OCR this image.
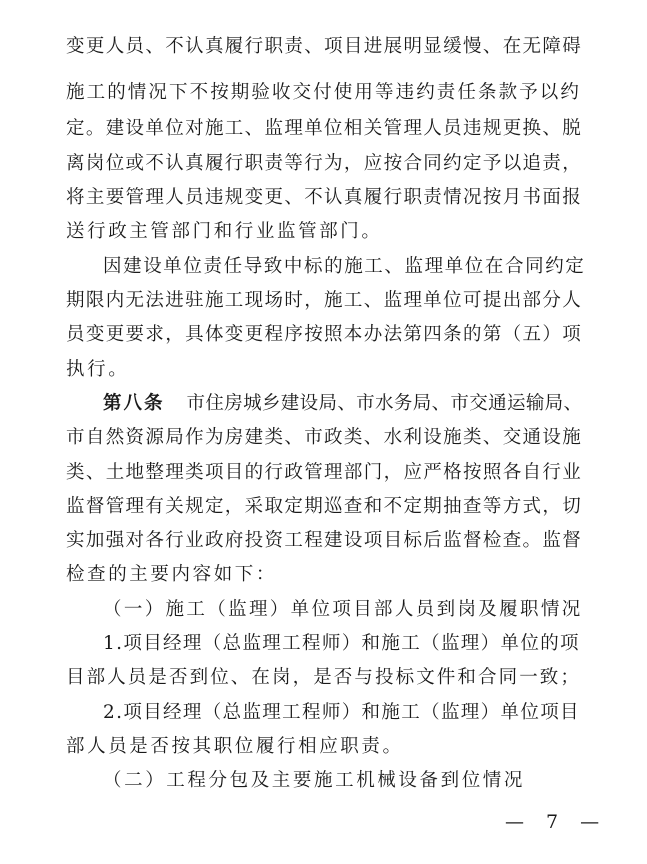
变更人员、不认真履行职责、项目进展明显缓慢、在无障碍
施工的情况下不按期验收交付使用等违约责任条款予以约
定。建设单位对施工、监理单位相关管理人员违规更换、脱
离岗位或不认真履行职责等行为，应按合同约定予以追责，
将主要管理人员违规变更、不认真履行职责情况按月书面报
送行政主管部门和行业监管部门。
因建设单位责任导致中标的施工、监理单位在合同约定
期限内无法进驻施工现场时，施工、监理单位可提出部分人
员变更要求，具体变更程序按照本办法第四条的第（五）项
执行。
第八条 市住房城乡建设局、市水务局、市交通运输局、
市自然资源局作为房建类、市政类、水利设施类、交通设施
类、土地整理类项目的行政管理部门，应严格按照各自行业
监督管理有关规定，采取定期巡查和不定期抽查等方式，切
实加强对各行业政府投资工程建设项目标后监督检查。监督
检查的主要内容如下：
（一）施工（监理）单位项目部人员到岗及履职情况
1.项目经理（总监理工程师）和施工（监理）单位的项
目部人员是否到位、在岗，是否与投标文件和合同一致；
2.项目经理（总监理工程师）和施工（监理）单位项目
部人员是否按其职位履行相应职责。
（二）工程分包及主要施工机械设备到位情况
— 7 —
